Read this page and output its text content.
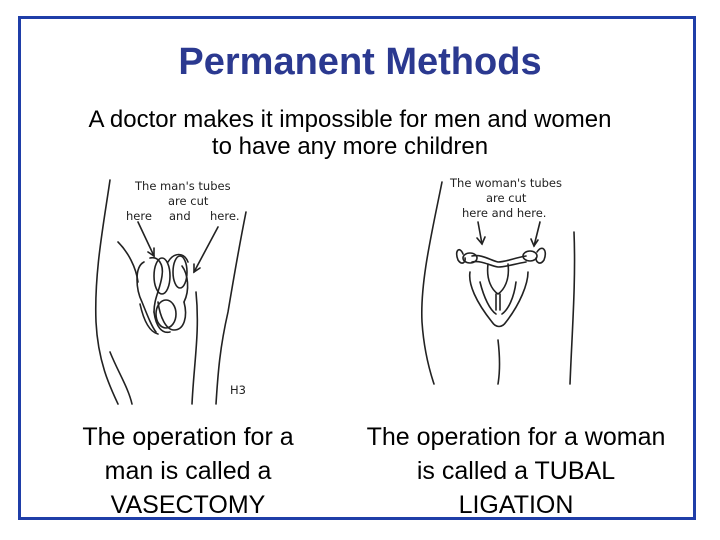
Permanent Methods
A doctor makes it impossible for men and women
to have any more children
The man's tubes
are cut
here and here.
H3
The woman's tubes
are cut
here and here.
The operation for a
man is called a
VASECTOMY
The operation for a woman
is called a TUBAL
LIGATION
